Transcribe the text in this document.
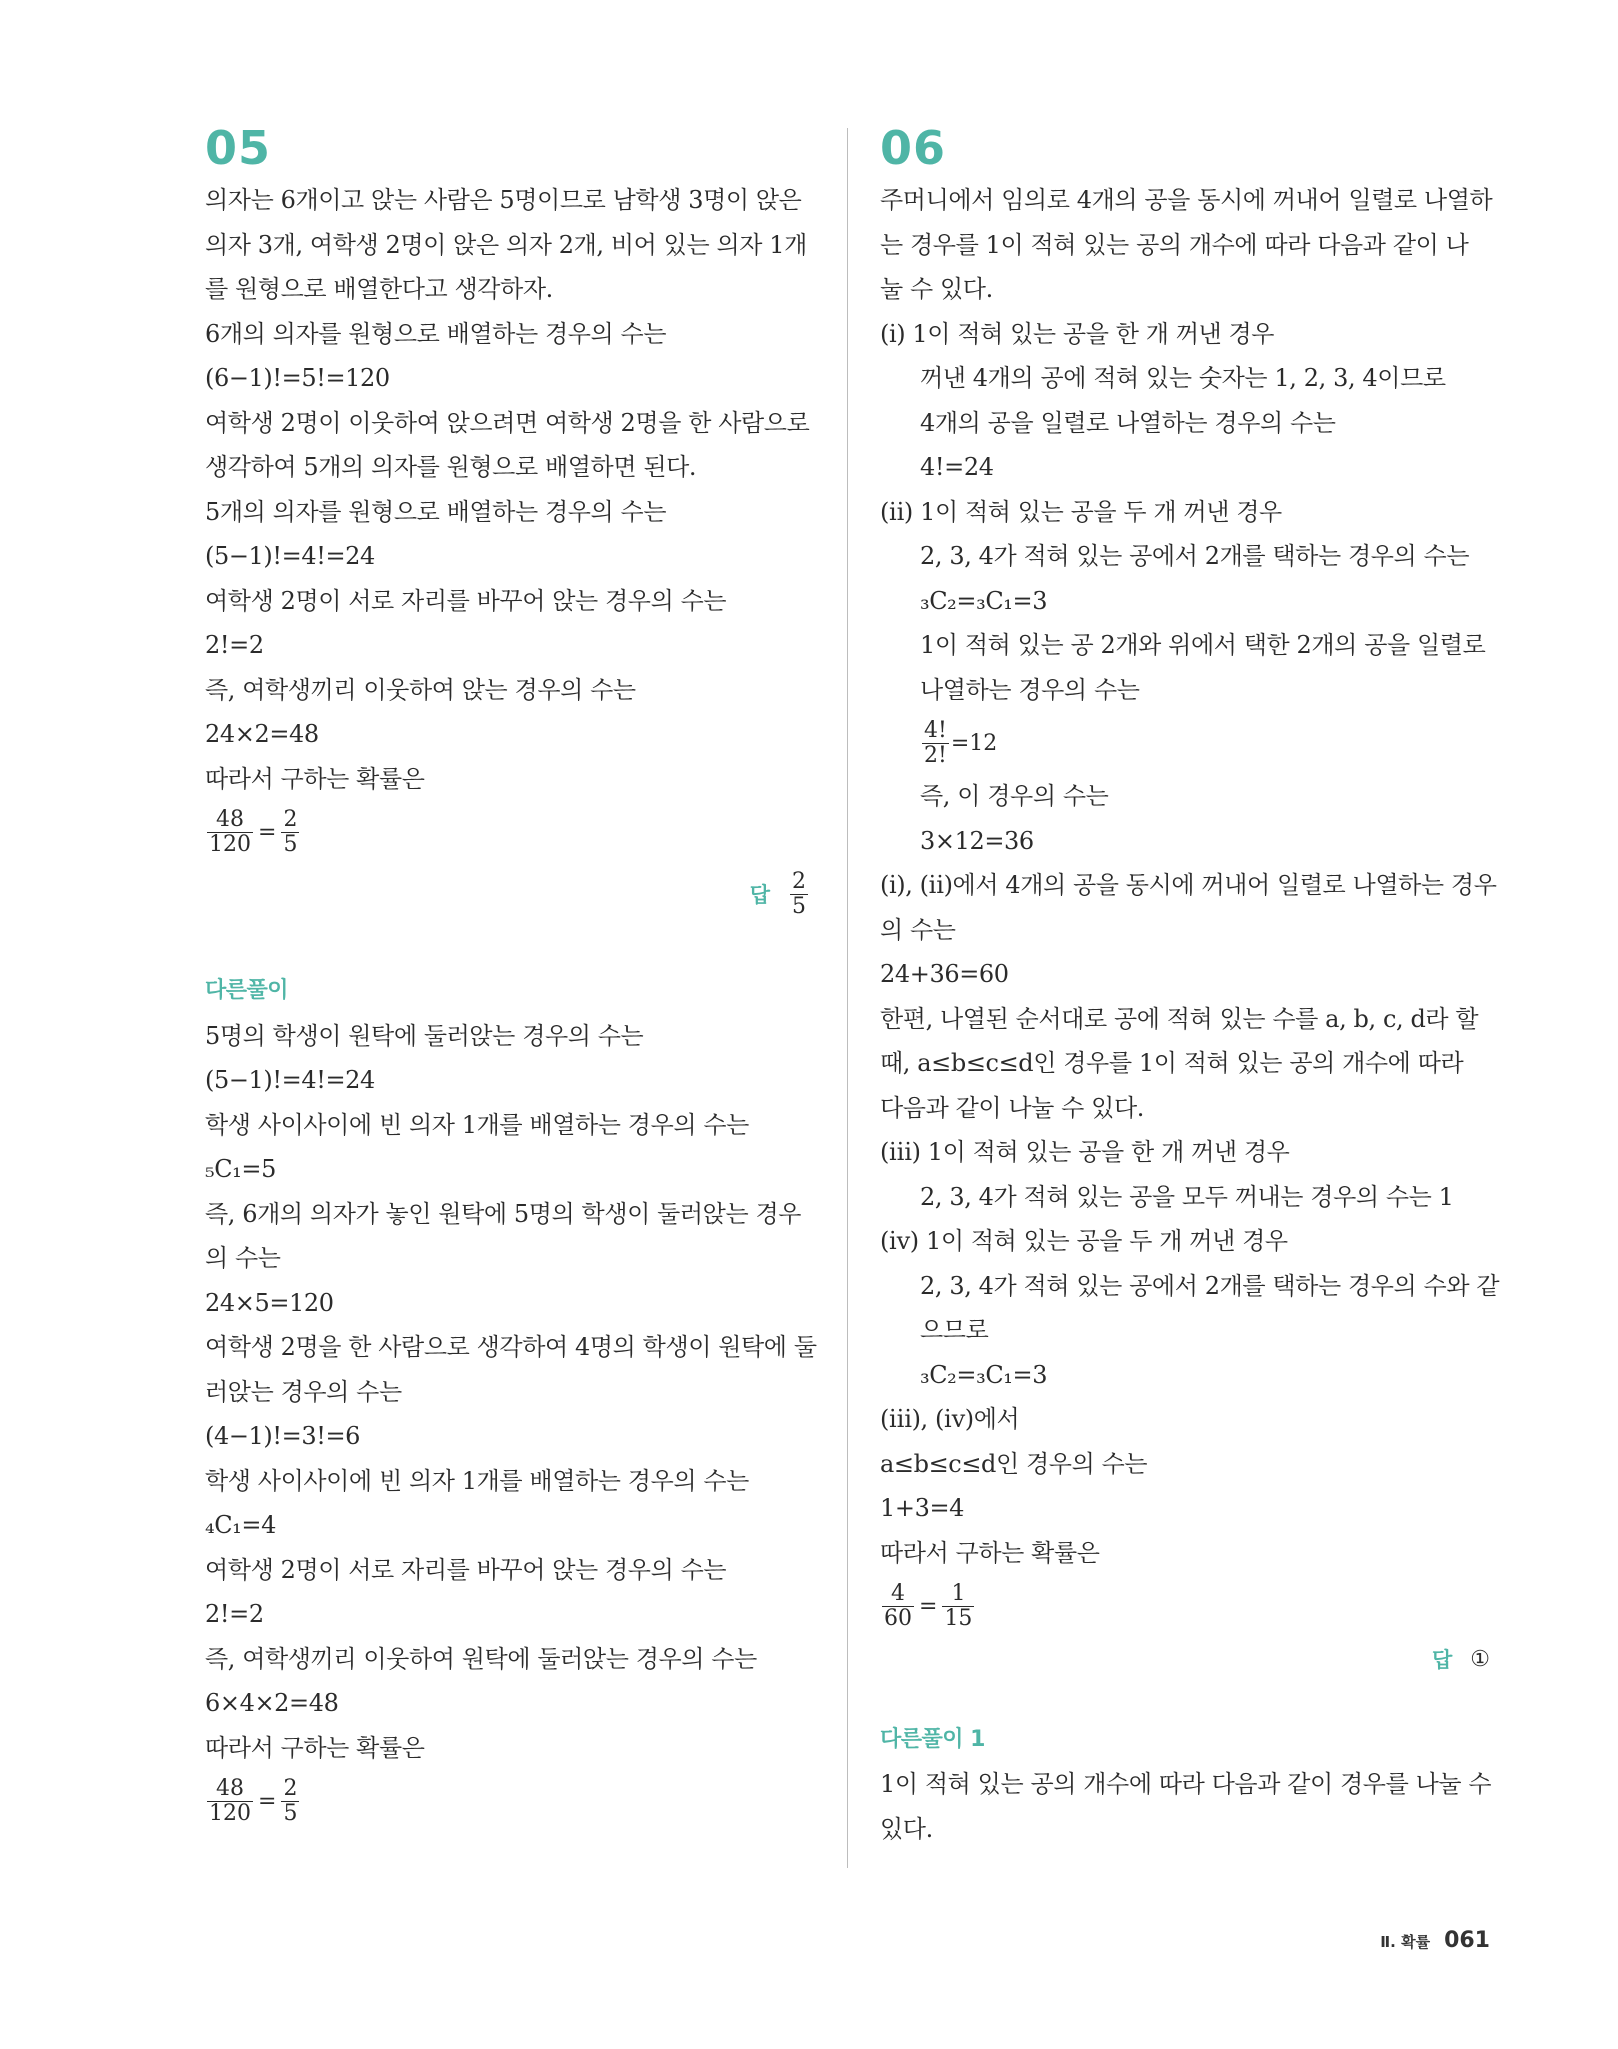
05
의자는 6개이고 앉는 사람은 5명이므로 남학생 3명이 앉은
의자 3개, 여학생 2명이 앉은 의자 2개, 비어 있는 의자 1개
를 원형으로 배열한다고 생각하자.
6개의 의자를 원형으로 배열하는 경우의 수는
(6−1)!=5!=120
여학생 2명이 이웃하여 앉으려면 여학생 2명을 한 사람으로
생각하여 5개의 의자를 원형으로 배열하면 된다.
5개의 의자를 원형으로 배열하는 경우의 수는
(5−1)!=4!=24
여학생 2명이 서로 자리를 바꾸어 앉는 경우의 수는
2!=2
즉, 여학생끼리 이웃하여 앉는 경우의 수는
24×2=48
따라서 구하는 확률은
$\frac{48}{120} = \frac{2}{5}$
답 $\frac{2}{5}$
다른풀이
5명의 학생이 원탁에 둘러앉는 경우의 수는
(5−1)!=4!=24
학생 사이사이에 빈 의자 1개를 배열하는 경우의 수는
₅C₁=5
즉, 6개의 의자가 놓인 원탁에 5명의 학생이 둘러앉는 경우
의 수는
24×5=120
여학생 2명을 한 사람으로 생각하여 4명의 학생이 원탁에 둘
러앉는 경우의 수는
(4−1)!=3!=6
학생 사이사이에 빈 의자 1개를 배열하는 경우의 수는
₄C₁=4
여학생 2명이 서로 자리를 바꾸어 앉는 경우의 수는
2!=2
즉, 여학생끼리 이웃하여 원탁에 둘러앉는 경우의 수는
6×4×2=48
따라서 구하는 확률은
$\frac{48}{120} = \frac{2}{5}$
06
주머니에서 임의로 4개의 공을 동시에 꺼내어 일렬로 나열하
는 경우를 1이 적혀 있는 공의 개수에 따라 다음과 같이 나
눌 수 있다.
(ⅰ) 1이 적혀 있는 공을 한 개 꺼낸 경우
꺼낸 4개의 공에 적혀 있는 숫자는 1, 2, 3, 4이므로
4개의 공을 일렬로 나열하는 경우의 수는
4!=24
(ⅱ) 1이 적혀 있는 공을 두 개 꺼낸 경우
2, 3, 4가 적혀 있는 공에서 2개를 택하는 경우의 수는
₃C₂=₃C₁=3
1이 적혀 있는 공 2개와 위에서 택한 2개의 공을 일렬로
나열하는 경우의 수는
$\frac{4!}{2!} =12$
즉, 이 경우의 수는
3×12=36
(ⅰ), (ⅱ)에서 4개의 공을 동시에 꺼내어 일렬로 나열하는 경우
의 수는
24+36=60
한편, 나열된 순서대로 공에 적혀 있는 수를 a, b, c, d라 할
때, a≤b≤c≤d인 경우를 1이 적혀 있는 공의 개수에 따라
다음과 같이 나눌 수 있다.
(ⅲ) 1이 적혀 있는 공을 한 개 꺼낸 경우
2, 3, 4가 적혀 있는 공을 모두 꺼내는 경우의 수는 1
(ⅳ) 1이 적혀 있는 공을 두 개 꺼낸 경우
2, 3, 4가 적혀 있는 공에서 2개를 택하는 경우의 수와 같
으므로
₃C₂=₃C₁=3
(ⅲ), (ⅳ)에서
a≤b≤c≤d인 경우의 수는
1+3=4
따라서 구하는 확률은
$\frac{4}{60} = \frac{1}{15}$
답 ①
다른풀이 1
1이 적혀 있는 공의 개수에 따라 다음과 같이 경우를 나눌 수
있다.
Ⅱ. 확률 061
